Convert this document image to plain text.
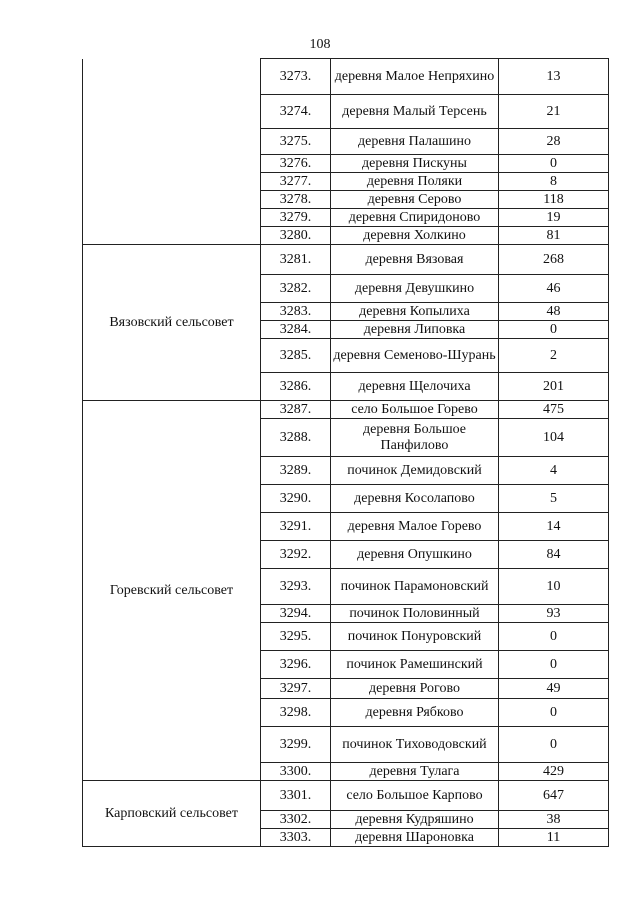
108
	3273.	деревня Малое Непряхино	13
	3274.	деревня Малый Терсень	21
	3275.	деревня Палашино	28
	3276.	деревня Пискуны	0
	3277.	деревня Поляки	8
	3278.	деревня Серово	118
	3279.	деревня Спиридоново	19
	3280.	деревня Холкино	81
Вязовский сельсовет	3281.	деревня Вязовая	268
	3282.	деревня Девушкино	46
	3283.	деревня Копылиха	48
	3284.	деревня Липовка	0
	3285.	деревня Семеново-Шурань	2
	3286.	деревня Щелочиха	201
Горевский сельсовет	3287.	село Большое Горево	475
	3288.	деревня Большое Панфилово	104
	3289.	починок Демидовский	4
	3290.	деревня Косолапово	5
	3291.	деревня Малое Горево	14
	3292.	деревня Опушкино	84
	3293.	починок Парамоновский	10
	3294.	починок Половинный	93
	3295.	починок Понуровский	0
	3296.	починок Рамешинский	0
	3297.	деревня Рогово	49
	3298.	деревня Рябково	0
	3299.	починок Тиховодовский	0
	3300.	деревня Тулага	429
Карповский сельсовет	3301.	село Большое Карпово	647
	3302.	деревня Кудряшино	38
	3303.	деревня Шароновка	11
